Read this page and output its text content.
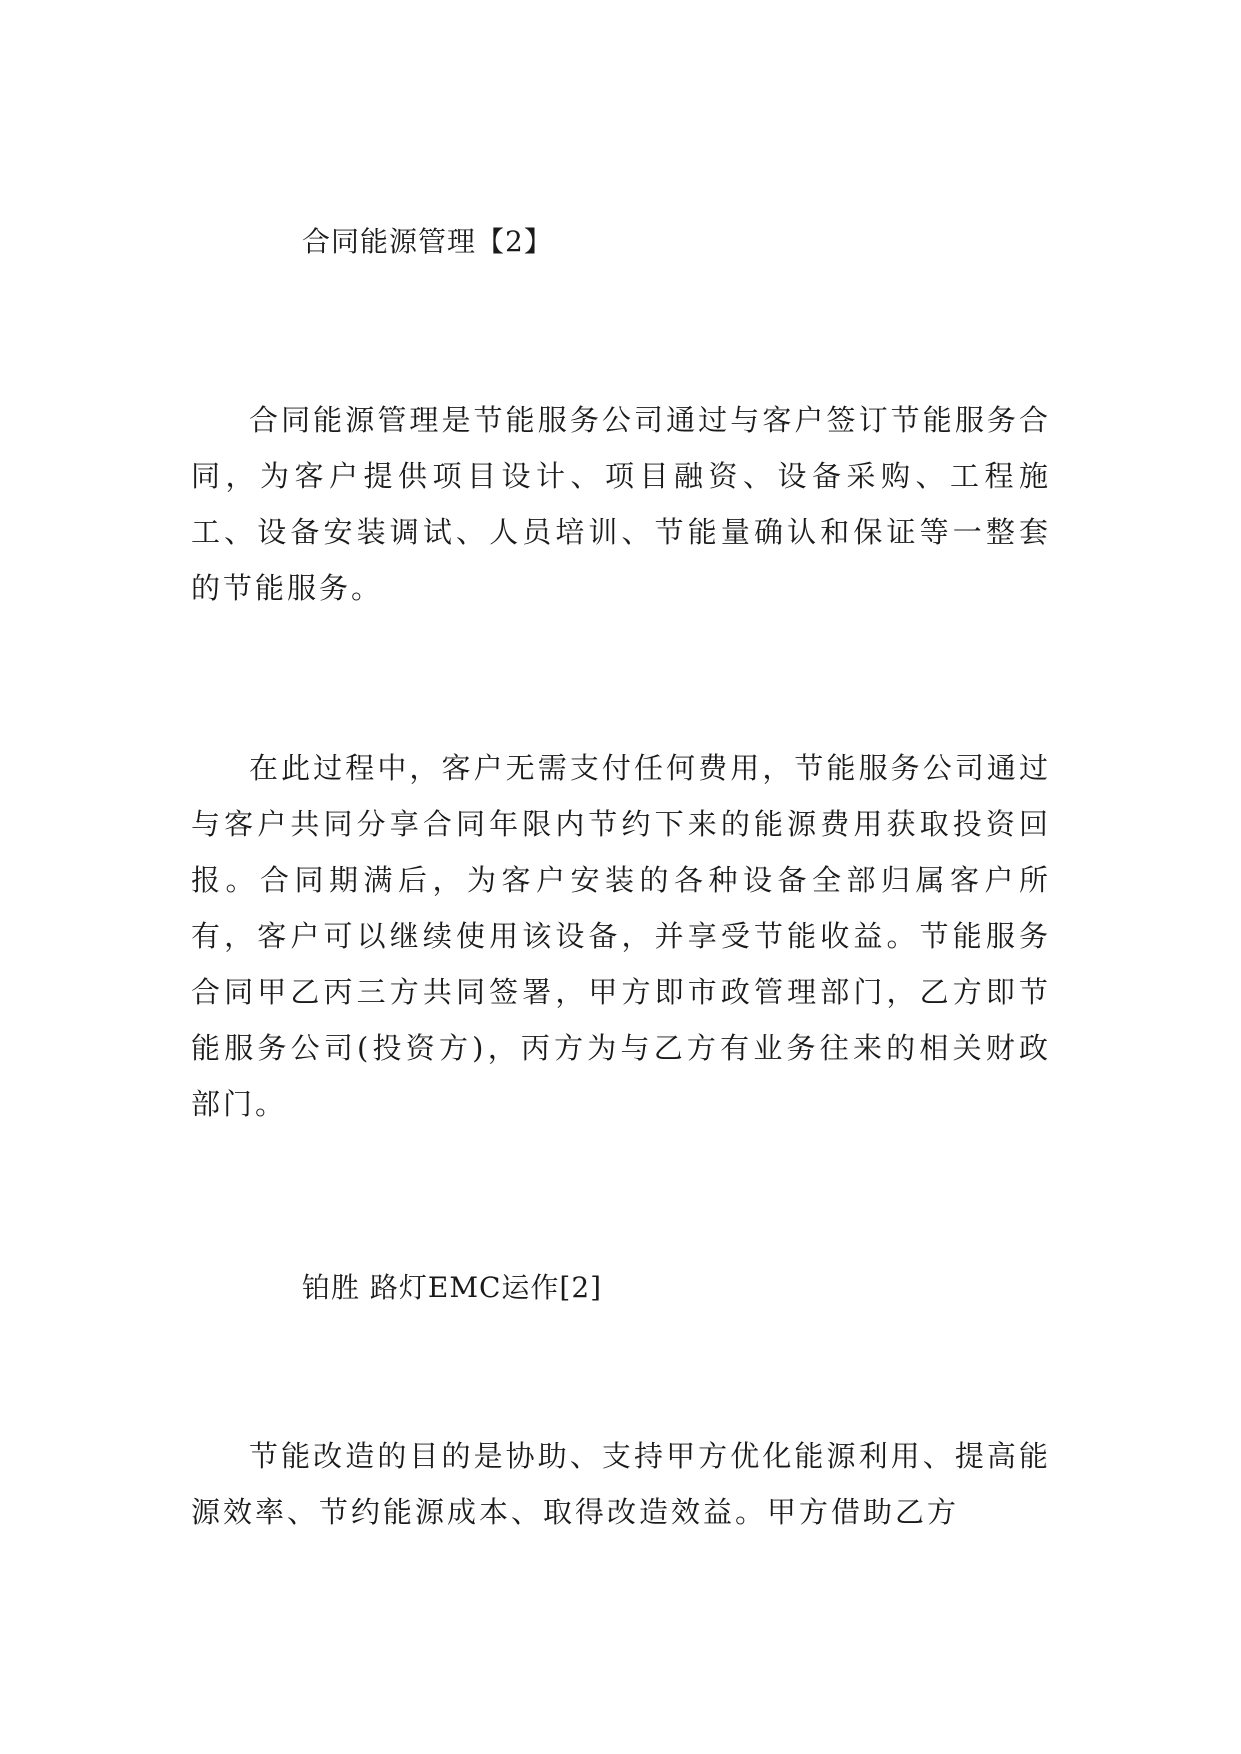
合同能源管理【2】

合同能源管理是节能服务公司通过与客户签订节能服务合同，为客户提供项目设计、项目融资、设备采购、工程施工、设备安装调试、人员培训、节能量确认和保证等一整套的节能服务。

在此过程中，客户无需支付任何费用，节能服务公司通过与客户共同分享合同年限内节约下来的能源费用获取投资回报。合同期满后，为客户安装的各种设备全部归属客户所有，客户可以继续使用该设备，并享受节能收益。节能服务合同甲乙丙三方共同签署，甲方即市政管理部门，乙方即节能服务公司(投资方)，丙方为与乙方有业务往来的相关财政部门。

铂胜 路灯EMC运作[2]

节能改造的目的是协助、支持甲方优化能源利用、提高能源效率、节约能源成本、取得改造效益。甲方借助乙方
